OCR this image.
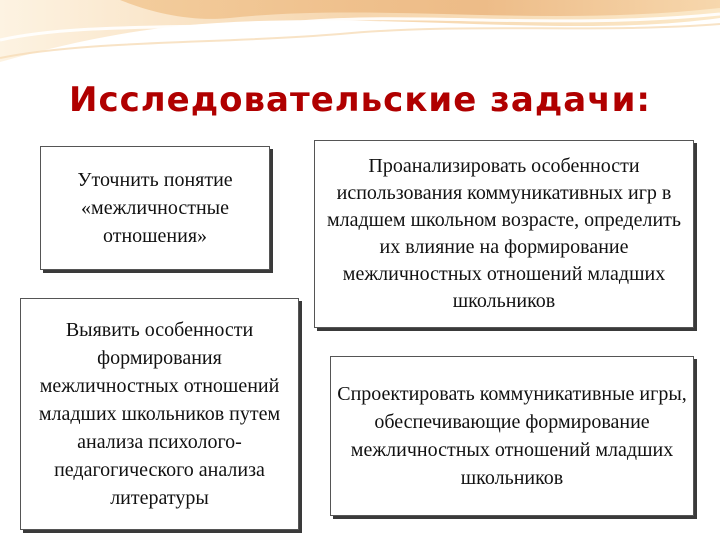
Исследовательские задачи:
Уточнить понятие «межличностные отношения»
Выявить особенности формирования межличностных отношений младших школьников путем анализа психолого-педагогического анализа литературы
Проанализировать особенности использования коммуникативных игр в младшем школьном возрасте, определить их влияние на формирование межличностных отношений младших школьников
Спроектировать коммуникативные игры, обеспечивающие формирование межличностных отношений младших школьников
